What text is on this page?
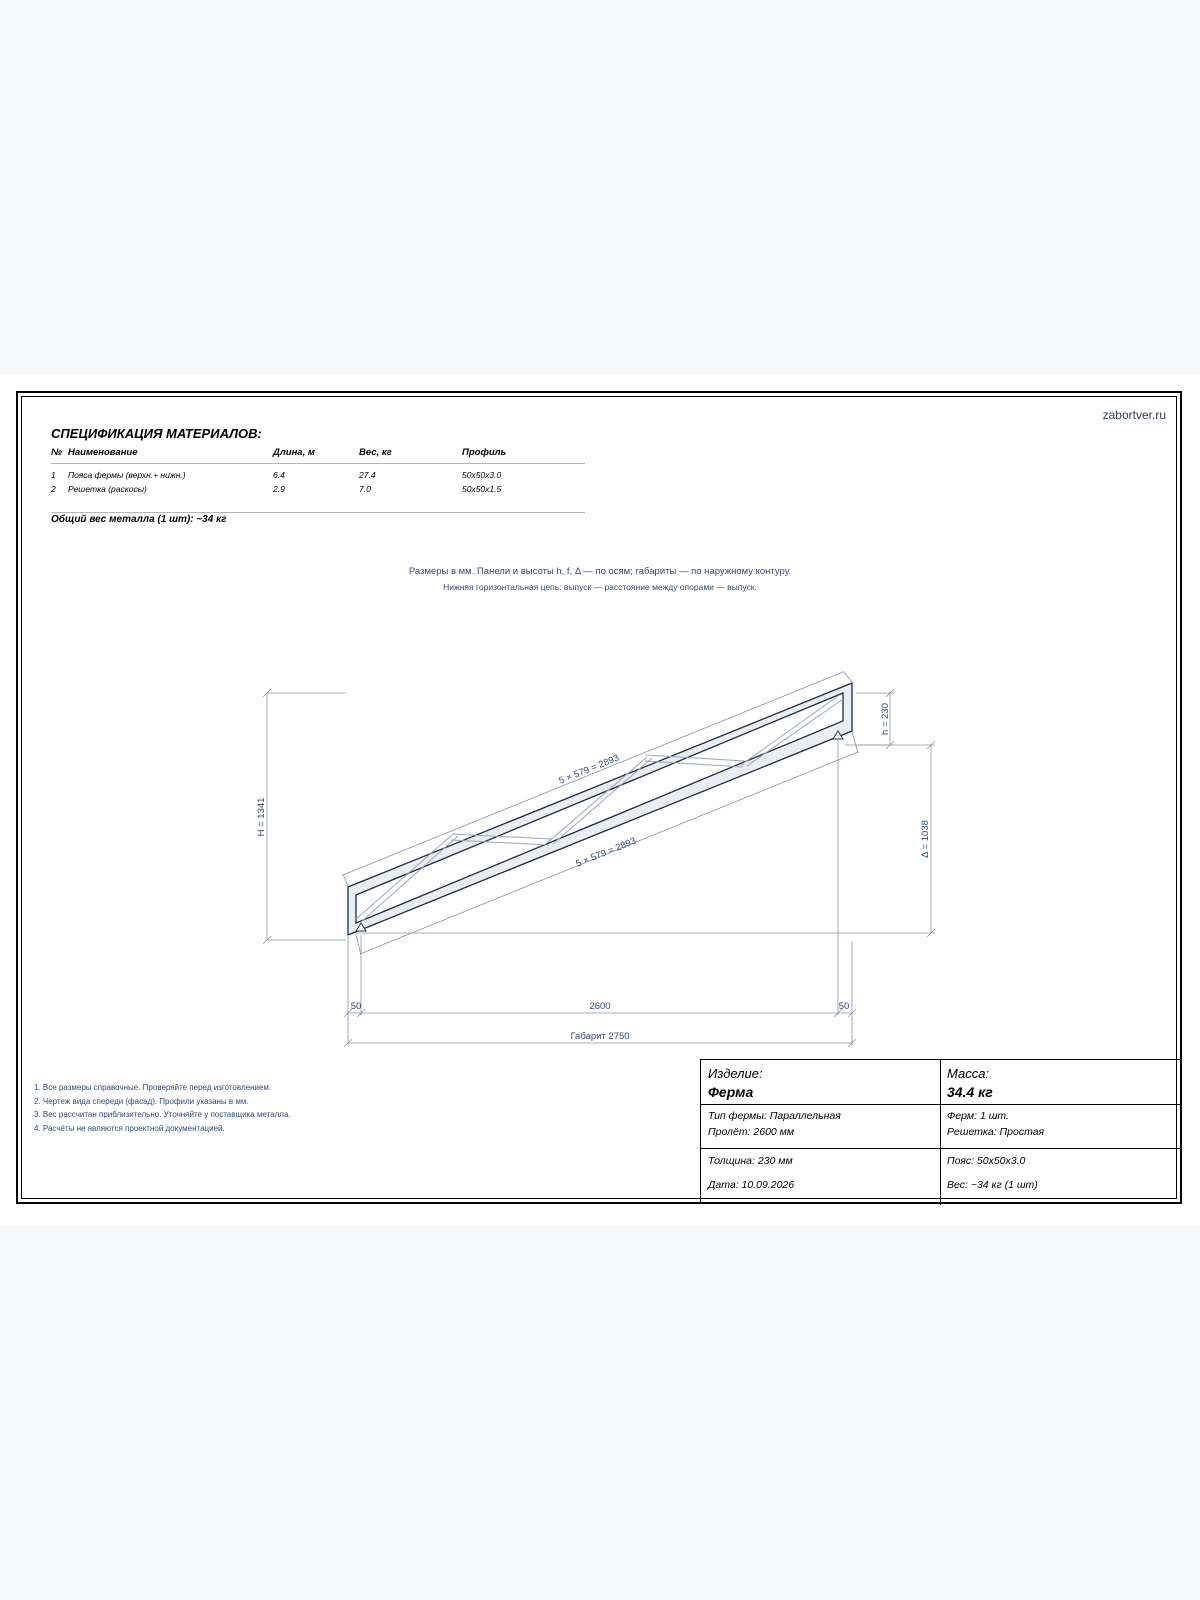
zabortver.ru
СПЕЦИФИКАЦИЯ МАТЕРИАЛОВ:
№ Наименование	Длина, м	Вес, кг	Профиль
1 Пояса фермы (верхн.+ нижн.)	6.4	27.4	50х50х3.0
2 Решетка (раскосы)	2.9	7.0	50х50х1.5
Общий вес металла (1 шт): ~34 кг
Размеры в мм. Панели и высоты h, f, Δ — по осям; габариты — по наружному контуру.
Нижняя горизонтальная цепь: выпуск — расстояние между опорами — выпуск.
5 × 579 = 2893
5 × 579 = 2893
H = 1341
h = 230
Δ = 1038
50	2600	50
Габарит 2750
1. Все размеры справочные. Проверяйте перед изготовлением.
2. Чертеж вида спереди (фасад). Профили указаны в мм.
3. Вес рассчитан приблизительно. Уточняйте у поставщика металла.
4. Расчёты не являются проектной документацией.
Изделие:
Ферма
Масса:
34.4 кг
Тип фермы: Параллельная
Пролёт: 2600 мм
Ферм: 1 шт.
Решетка: Простая
Толщина: 230 мм
Дата: 10.09.2026
Пояс: 50х50х3.0
Вес: ~34 кг (1 шт)
